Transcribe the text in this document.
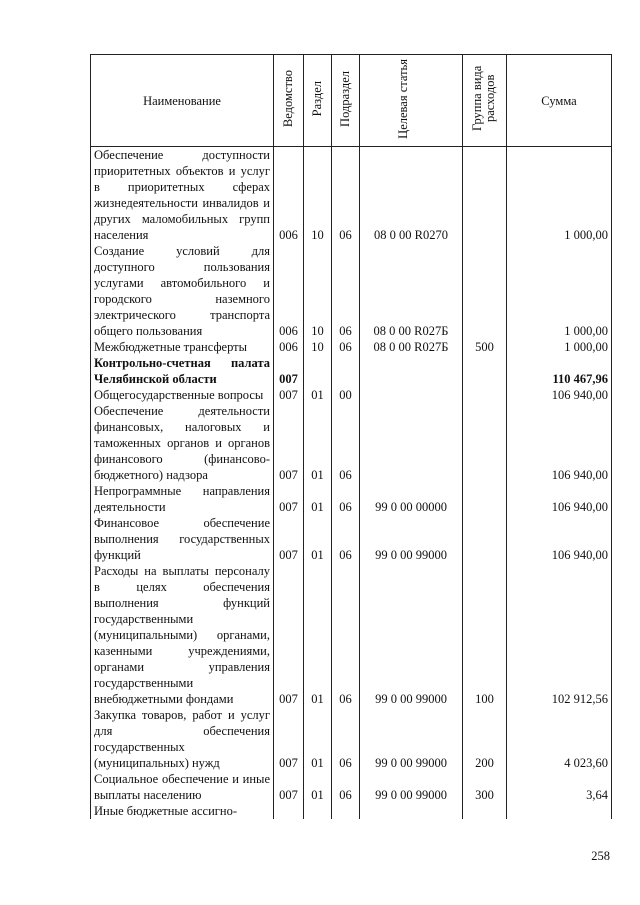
Наименование	Ведомство	Раздел	Подраздел	Целевая статья	Группа вида расходов	Сумма
Обеспечение доступности приоритетных объектов и услуг в приоритетных сферах жизнедеятельности инвалидов и других маломобильных групп населения	006	10	06	08 0 00 R0270		1 000,00
Создание условий для доступного пользования услугами автомобильного и городского наземного электрического транспорта общего пользования	006	10	06	08 0 00 R027Б		1 000,00
Межбюджетные трансферты	006	10	06	08 0 00 R027Б	500	1 000,00
Контрольно-счетная палата Челябинской области	007					110 467,96
Общегосударственные вопросы	007	01	00			106 940,00
Обеспечение деятельности финансовых, налоговых и таможенных органов и органов финансового (финансово-бюджетного) надзора	007	01	06			106 940,00
Непрограммные направления деятельности	007	01	06	99 0 00 00000		106 940,00
Финансовое обеспечение выполнения государственных функций	007	01	06	99 0 00 99000		106 940,00
Расходы на выплаты персоналу в целях обеспечения выполнения функций государственными (муниципальными) органами, казенными учреждениями, органами управления государственными внебюджетными фондами	007	01	06	99 0 00 99000	100	102 912,56
Закупка товаров, работ и услуг для обеспечения государственных (муниципальных) нужд	007	01	06	99 0 00 99000	200	4 023,60
Социальное обеспечение и иные выплаты населению	007	01	06	99 0 00 99000	300	3,64
Иные бюджетные ассигно-						
258
